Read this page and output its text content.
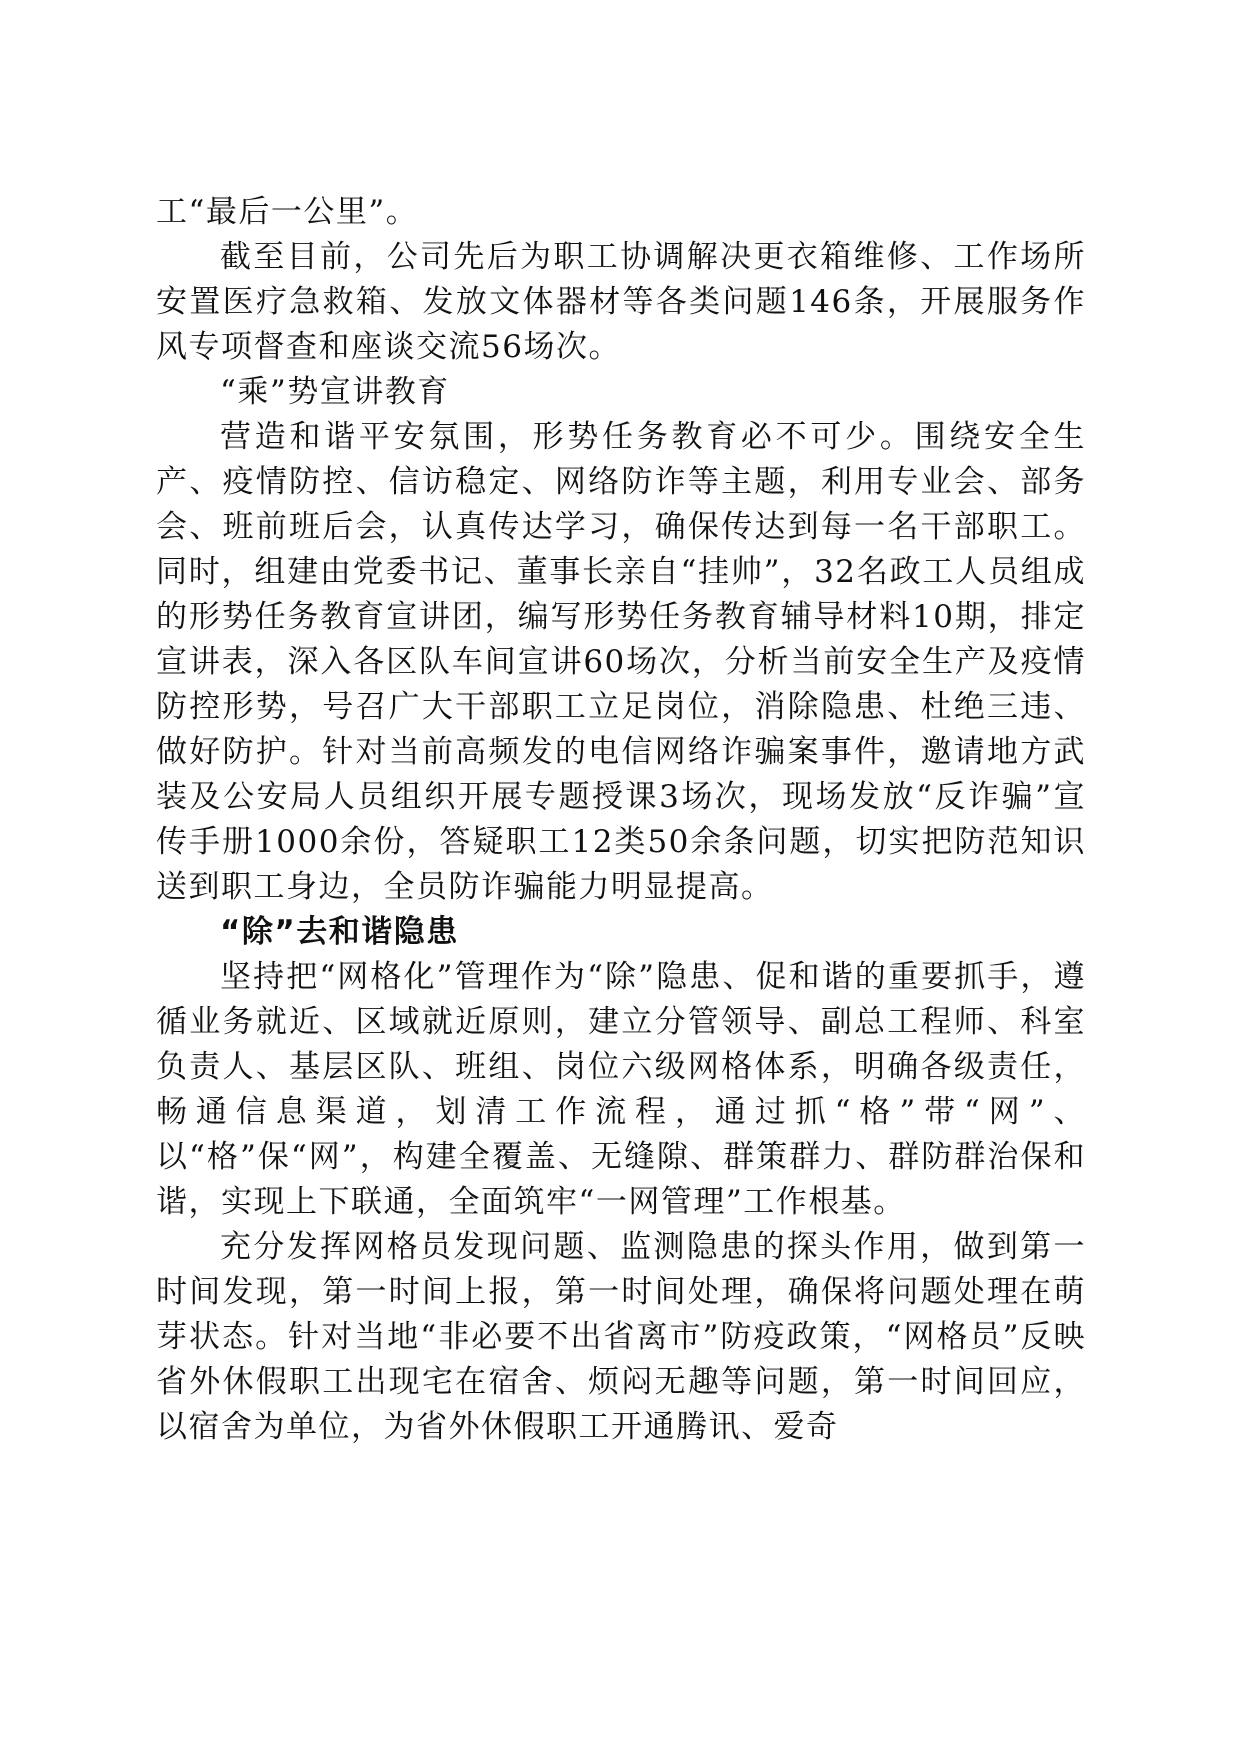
工“最后一公里”。

截至目前，公司先后为职工协调解决更衣箱维修、工作场所安置医疗急救箱、发放文体器材等各类问题146条，开展服务作风专项督查和座谈交流56场次。

“乘”势宣讲教育

营造和谐平安氛围，形势任务教育必不可少。围绕安全生产、疫情防控、信访稳定、网络防诈等主题，利用专业会、部务会、班前班后会，认真传达学习，确保传达到每一名干部职工。同时，组建由党委书记、董事长亲自“挂帅”，32名政工人员组成的形势任务教育宣讲团，编写形势任务教育辅导材料10期，排定宣讲表，深入各区队车间宣讲60场次，分析当前安全生产及疫情防控形势，号召广大干部职工立足岗位，消除隐患、杜绝三违、做好防护。针对当前高频发的电信网络诈骗案事件，邀请地方武装及公安局人员组织开展专题授课3场次，现场发放“反诈骗”宣传手册1000余份，答疑职工12类50余条问题，切实把防范知识送到职工身边，全员防诈骗能力明显提高。

“除”去和谐隐患

坚持把“网格化”管理作为“除”隐患、促和谐的重要抓手，遵循业务就近、区域就近原则，建立分管领导、副总工程师、科室负责人、基层区队、班组、岗位六级网格体系，明确各级责任，畅通信息渠道，划清工作流程，通过抓“格”带“网”、以“格”保“网”，构建全覆盖、无缝隙、群策群力、群防群治保和谐，实现上下联通，全面筑牢“一网管理”工作根基。

充分发挥网格员发现问题、监测隐患的探头作用，做到第一时间发现，第一时间上报，第一时间处理，确保将问题处理在萌芽状态。针对当地“非必要不出省离市”防疫政策，“网格员”反映省外休假职工出现宅在宿舍、烦闷无趣等问题，第一时间回应，以宿舍为单位，为省外休假职工开通腾讯、爱奇
